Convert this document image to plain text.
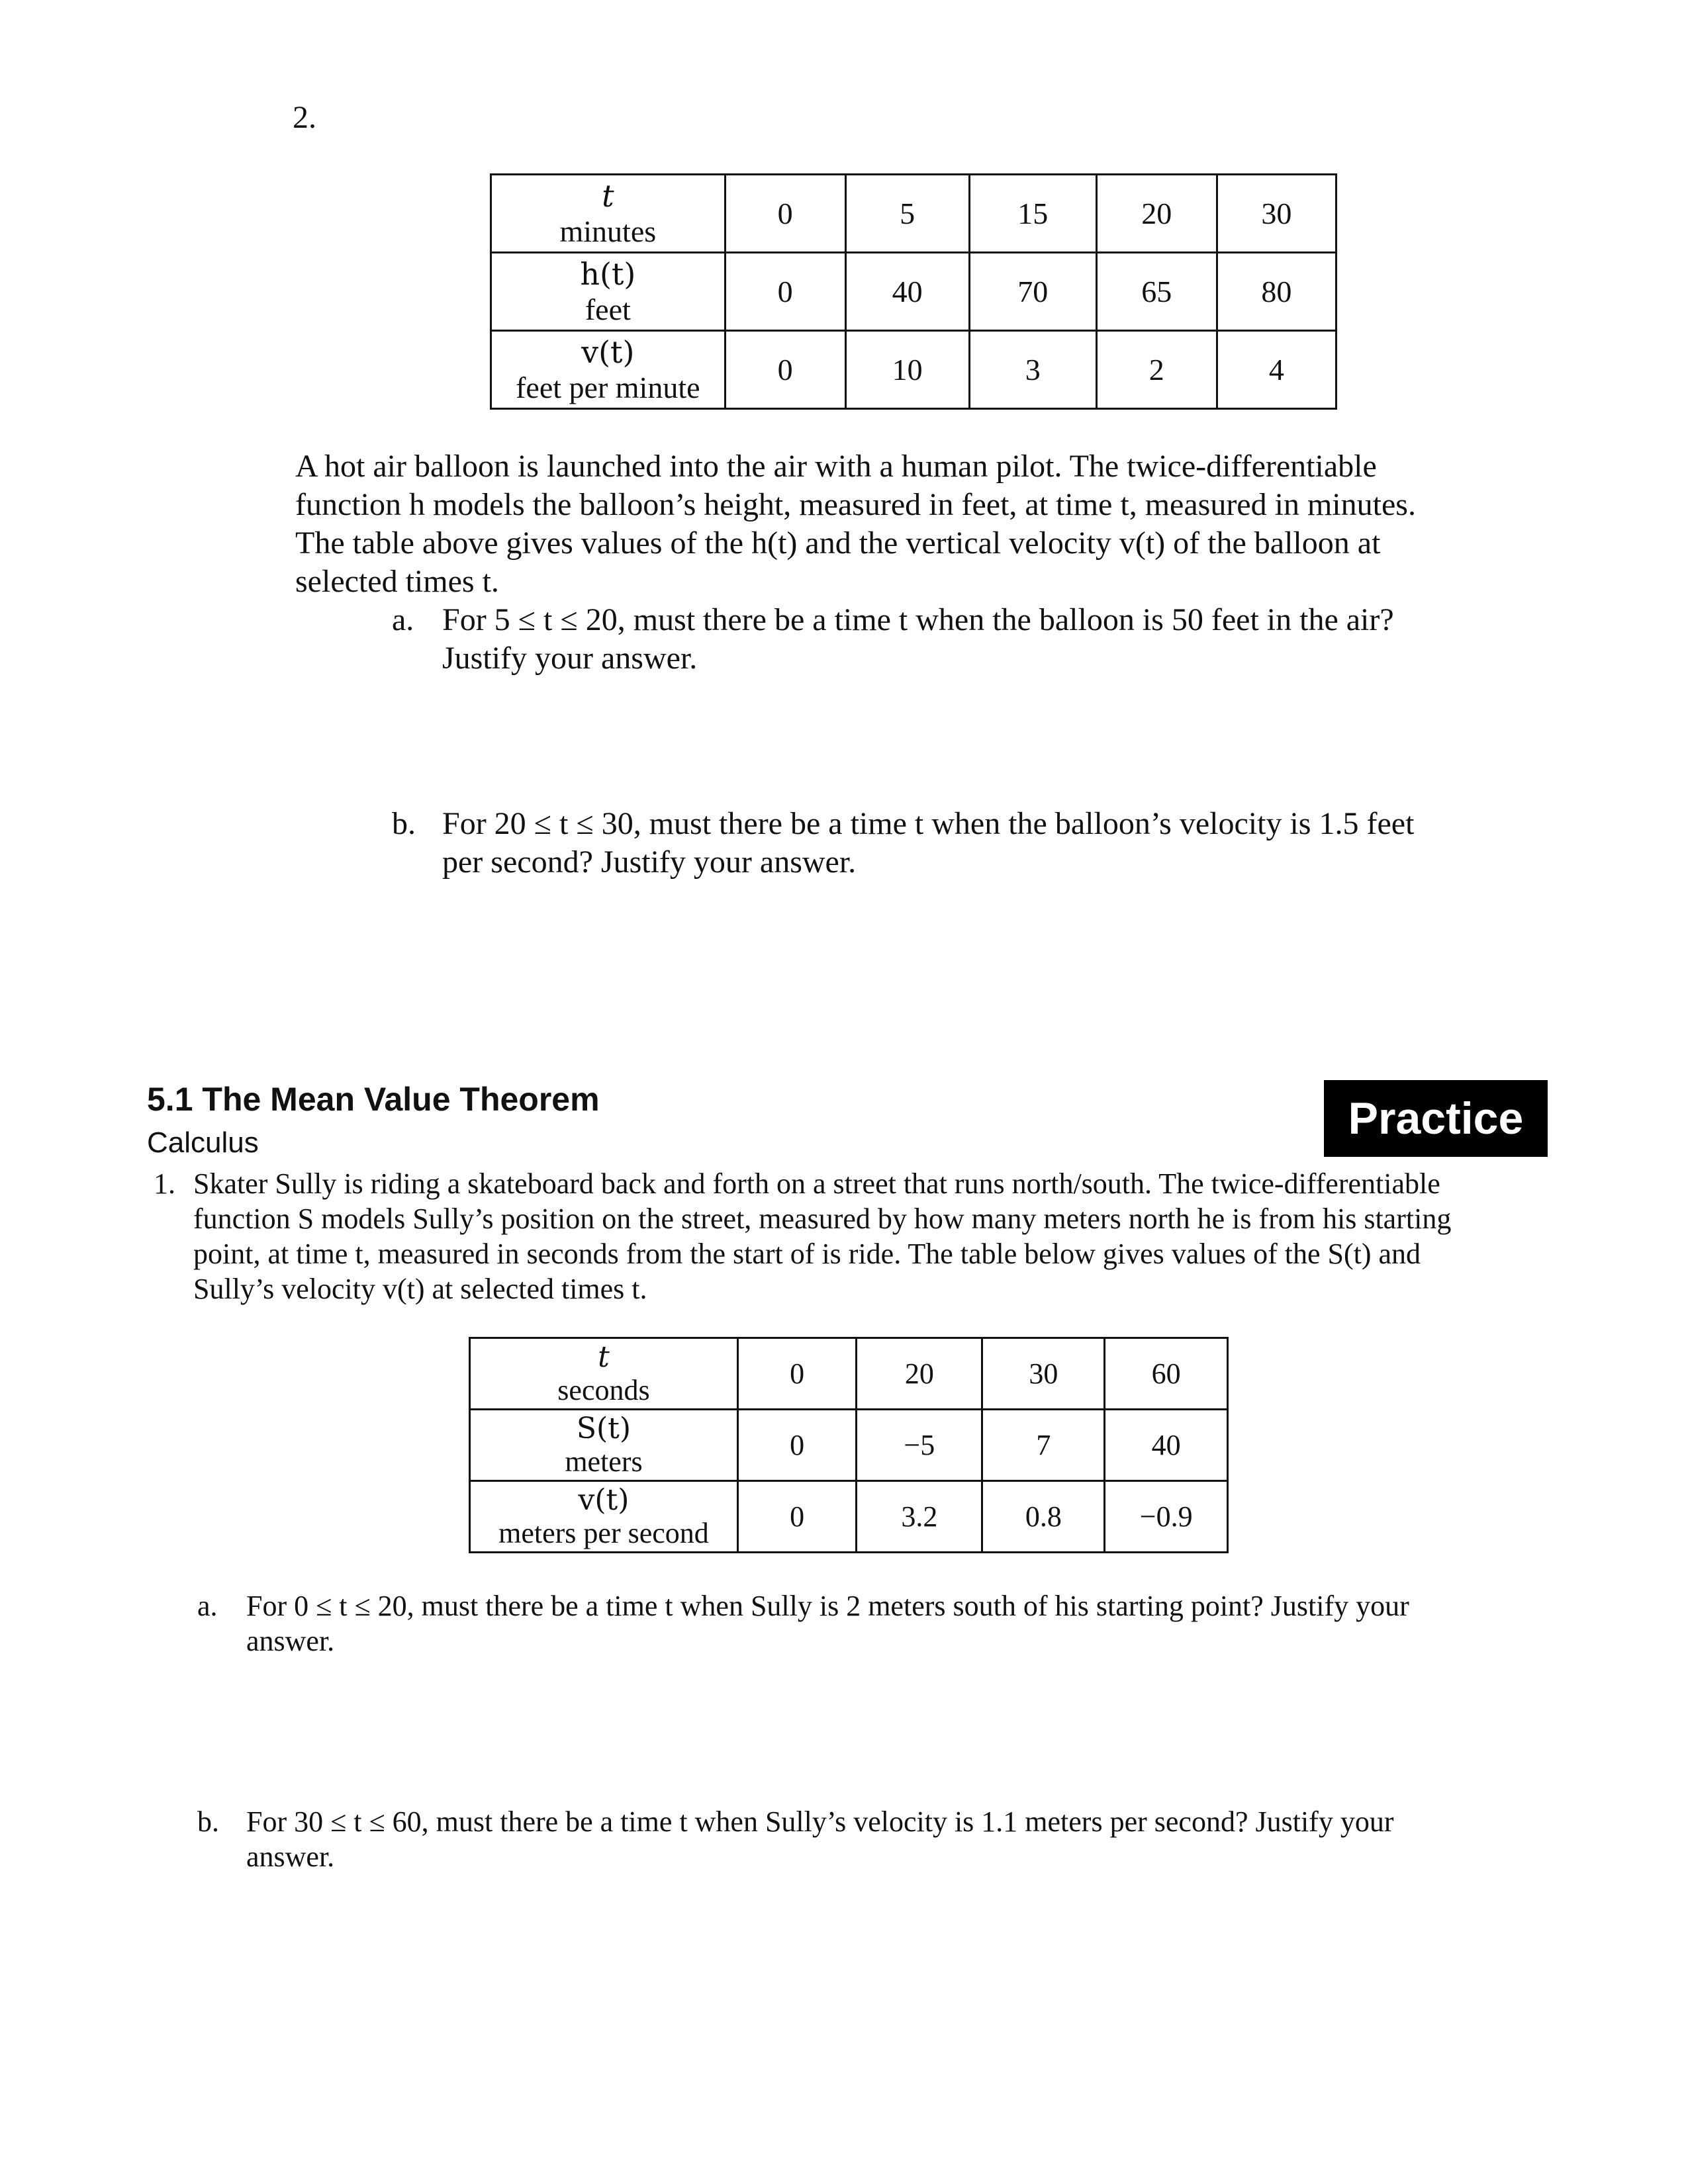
2.
t
minutes	0	5	15	20	30

h(t)
feet	0	40	70	65	80

v(t)
feet per minute	0	10	3	2	4
A hot air balloon is launched into the air with a human pilot. The twice-differentiable
function h models the balloon’s height, measured in feet, at time t, measured in minutes.
The table above gives values of the h(t) and the vertical velocity v(t) of the balloon at
selected times t.
a. For 5 ≤ t ≤ 20, must there be a time t when the balloon is 50 feet in the air?
Justify your answer.
b. For 20 ≤ t ≤ 30, must there be a time t when the balloon’s velocity is 1.5 feet
per second? Justify your answer.
5.1 The Mean Value Theorem
Calculus	Practice
1. Skater Sully is riding a skateboard back and forth on a street that runs north/south. The twice-differentiable
function S models Sully’s position on the street, measured by how many meters north he is from his starting
point, at time t, measured in seconds from the start of is ride. The table below gives values of the S(t) and
Sully’s velocity v(t) at selected times t.
t
seconds	0	20	30	60

S(t)
meters	0	−5	7	40

v(t)
meters per second	0	3.2	0.8	−0.9
a. For 0 ≤ t ≤ 20, must there be a time t when Sully is 2 meters south of his starting point? Justify your
answer.
b. For 30 ≤ t ≤ 60, must there be a time t when Sully’s velocity is 1.1 meters per second? Justify your
answer.
